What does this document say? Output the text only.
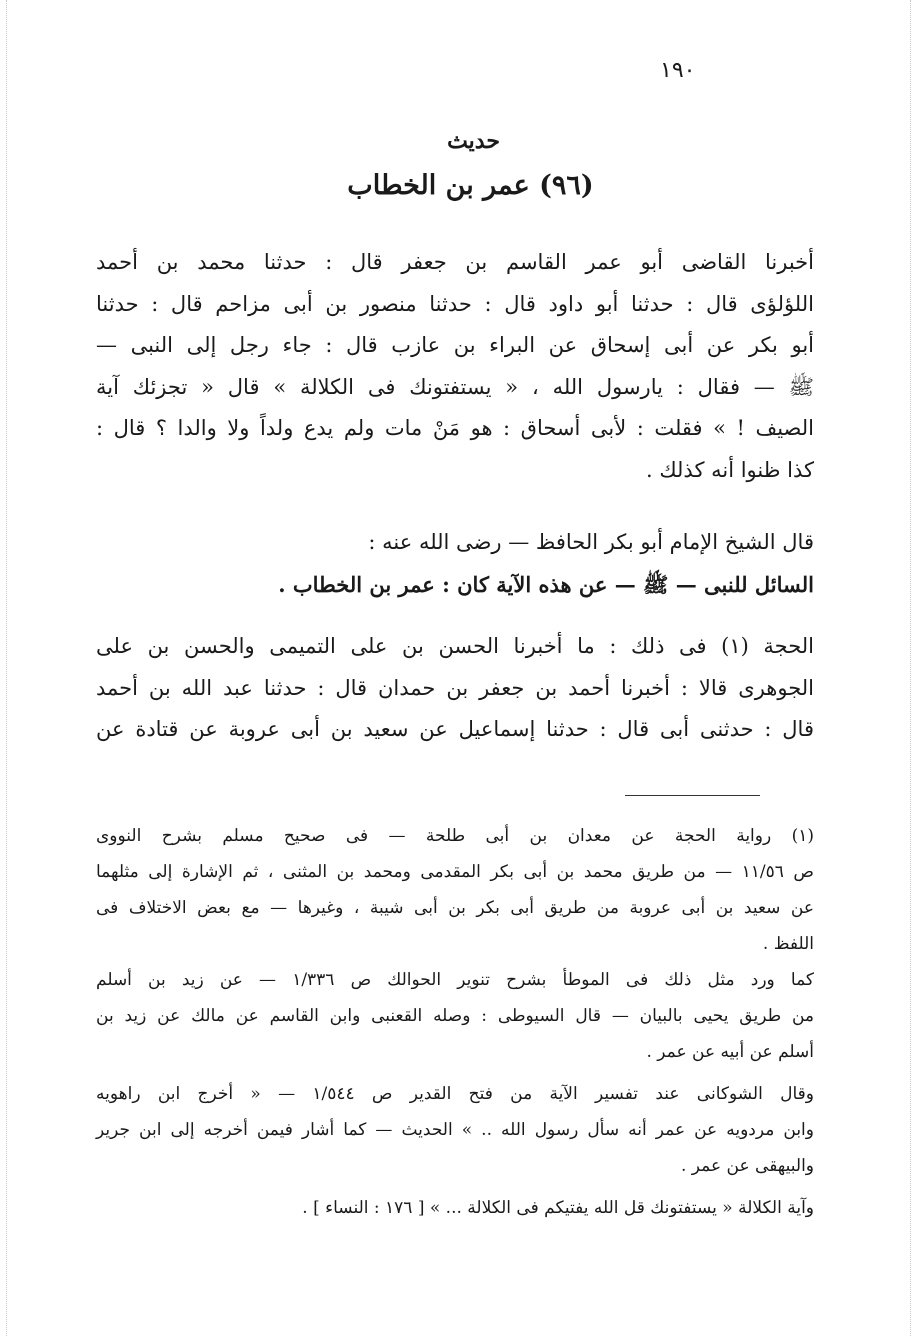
١٩٠
حديث
(٩٦) عمر بن الخطاب
أخبرنا القاضى أبو عمر القاسم بن جعفر قال : حدثنا محمد بن أحمد
اللؤلؤى قال : حدثنا أبو داود قال : حدثنا منصور بن أبى مزاحم قال : حدثنا
أبو بكر عن أبى إسحاق عن البراء بن عازب قال : جاء رجل إلى النبى —
ﷺ — فقال : يارسول الله ، « يستفتونك فى الكلالة » قال « تجزئك آية
الصيف ! » فقلت : لأبى أسحاق : هو مَنْ مات ولم يدع ولداً ولا والدا ؟ قال :
كذا ظنوا أنه كذلك .
قال الشيخ الإمام أبو بكر الحافظ — رضى الله عنه :
السائل للنبى — ﷺ — عن هذه الآية كان : عمر بن الخطاب .
الحجة (١) فى ذلك : ما أخبرنا الحسن بن على التميمى والحسن بن على
الجوهرى قالا : أخبرنا أحمد بن جعفر بن حمدان قال : حدثنا عبد الله بن أحمد
قال : حدثنى أبى قال : حدثنا إسماعيل عن سعيد بن أبى عروبة عن قتادة عن
(١) رواية الحجة عن معدان بن أبى طلحة — فى صحيح مسلم بشرح النووى
ص ١١/٥٦ — من طريق محمد بن أبى بكر المقدمى ومحمد بن المثنى ، ثم الإشارة إلى مثلهما
عن سعيد بن أبى عروبة من طريق أبى بكر بن أبى شيبة ، وغيرها — مع بعض الاختلاف فى
اللفظ .
كما ورد مثل ذلك فى الموطأ بشرح تنوير الحوالك ص ١/٣٣٦ — عن زيد بن أسلم
من طريق يحيى بالبيان — قال السيوطى : وصله القعنبى وابن القاسم عن مالك عن زيد بن
أسلم عن أبيه عن عمر .
وقال الشوكانى عند تفسير الآية من فتح القدير ص ١/٥٤٤ — « أخرج ابن راهويه
وابن مردويه عن عمر أنه سأل رسول الله .. » الحديث — كما أشار فيمن أخرجه إلى ابن جرير
والبيهقى عن عمر .
وآية الكلالة « يستفتونك قل الله يفتيكم فى الكلالة ... » [ ١٧٦ : النساء ] .
